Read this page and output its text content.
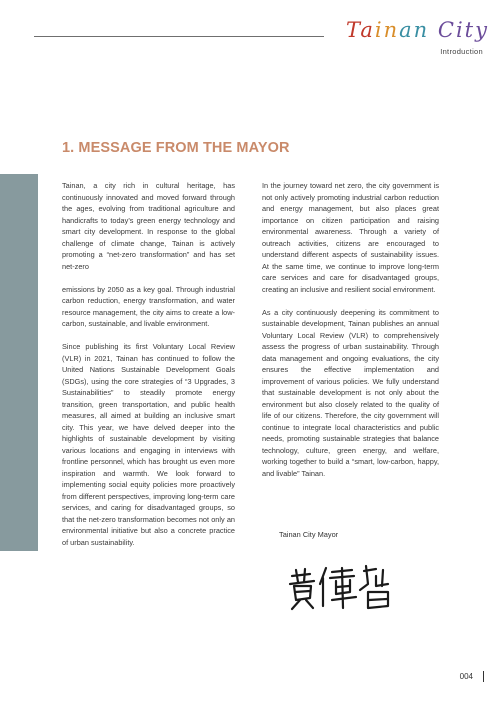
Tainan City
Introduction
1. MESSAGE FROM THE MAYOR

Tainan, a city rich in cultural heritage, has continuously innovated and moved forward through the ages, evolving from traditional agriculture and handicrafts to today’s green energy technology and smart city development. In response to the global challenge of climate change, Tainan is actively promoting a “net-zero transformation” and has set net-zero

emissions by 2050 as a key goal. Through industrial carbon reduction, energy transformation, and water resource management, the city aims to create a low-carbon, sustainable, and livable environment.

Since publishing its first Voluntary Local Review (VLR) in 2021, Tainan has continued to follow the United Nations Sustainable Development Goals (SDGs), using the core strategies of “3 Upgrades, 3 Sustainabilities” to steadily promote energy transition, green transportation, and public health measures, all aimed at building an inclusive smart city. This year, we have delved deeper into the highlights of sustainable development by visiting various locations and engaging in interviews with frontline personnel, which has brought us even more inspiration and warmth. We look forward to implementing social equity policies more proactively from different perspectives, improving long-term care services, and caring for disadvantaged groups, so that the net-zero transformation becomes not only an environmental initiative but also a concrete practice of urban sustainability.

In the journey toward net zero, the city government is not only actively promoting industrial carbon reduction and energy management, but also places great importance on citizen participation and raising environmental awareness. Through a variety of outreach activities, citizens are encouraged to understand different aspects of sustainability issues. At the same time, we continue to improve long-term care services and care for disadvantaged groups, creating an inclusive and resilient social environment.

As a city continuously deepening its commitment to sustainable development, Tainan publishes an annual Voluntary Local Review (VLR) to comprehensively assess the progress of urban sustainability. Through data management and ongoing evaluations, the city ensures the effective implementation and improvement of various policies. We fully understand that sustainable development is not only about the environment but also closely related to the quality of life of our citizens. Therefore, the city government will continue to integrate local characteristics and public needs, promoting sustainable strategies that balance technology, culture, green energy, and welfare, working together to build a “smart, low-carbon, happy, and livable” Tainan.

Tainan City Mayor
004
